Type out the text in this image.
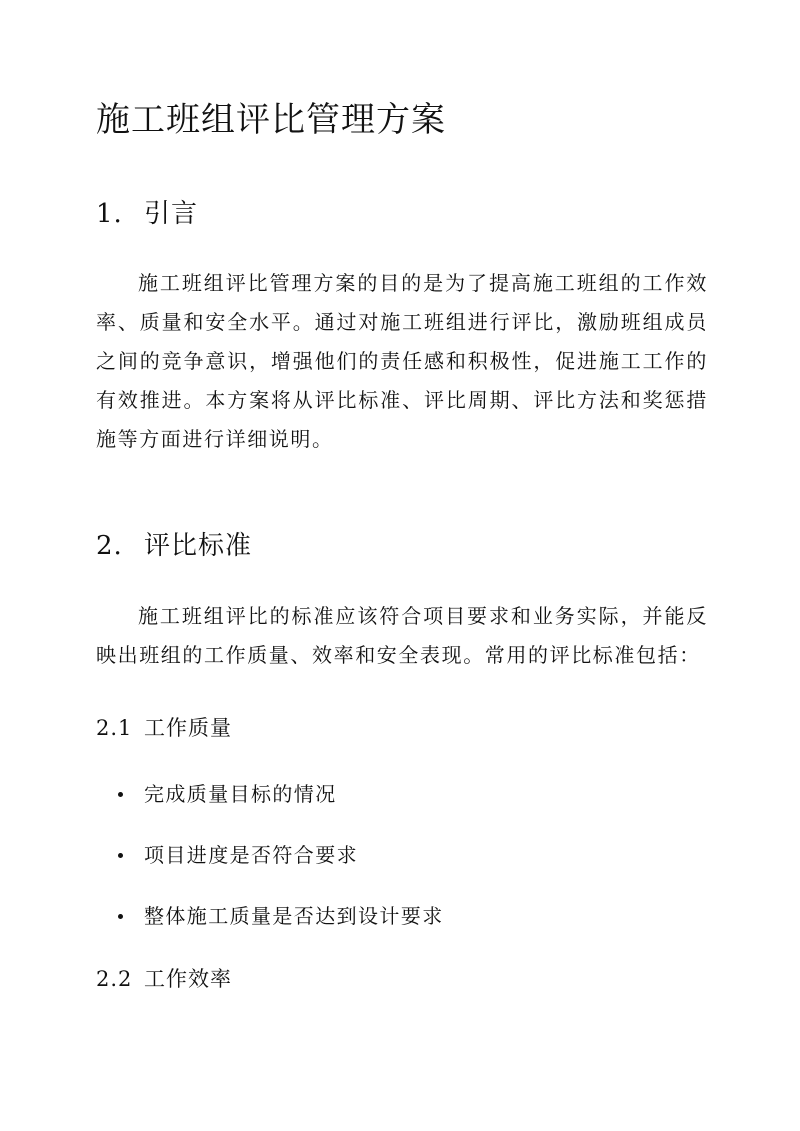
施工班组评比管理方案
1. 引言

施工班组评比管理方案的目的是为了提高施工班组的工作效率、质量和安全水平。通过对施工班组进行评比，激励班组成员之间的竞争意识，增强他们的责任感和积极性，促进施工工作的有效推进。本方案将从评比标准、评比周期、评比方法和奖惩措施等方面进行详细说明。

2. 评比标准

施工班组评比的标准应该符合项目要求和业务实际，并能反映出班组的工作质量、效率和安全表现。常用的评比标准包括：

2.1 工作质量
完成质量目标的情况
项目进度是否符合要求
整体施工质量是否达到设计要求
2.2 工作效率
